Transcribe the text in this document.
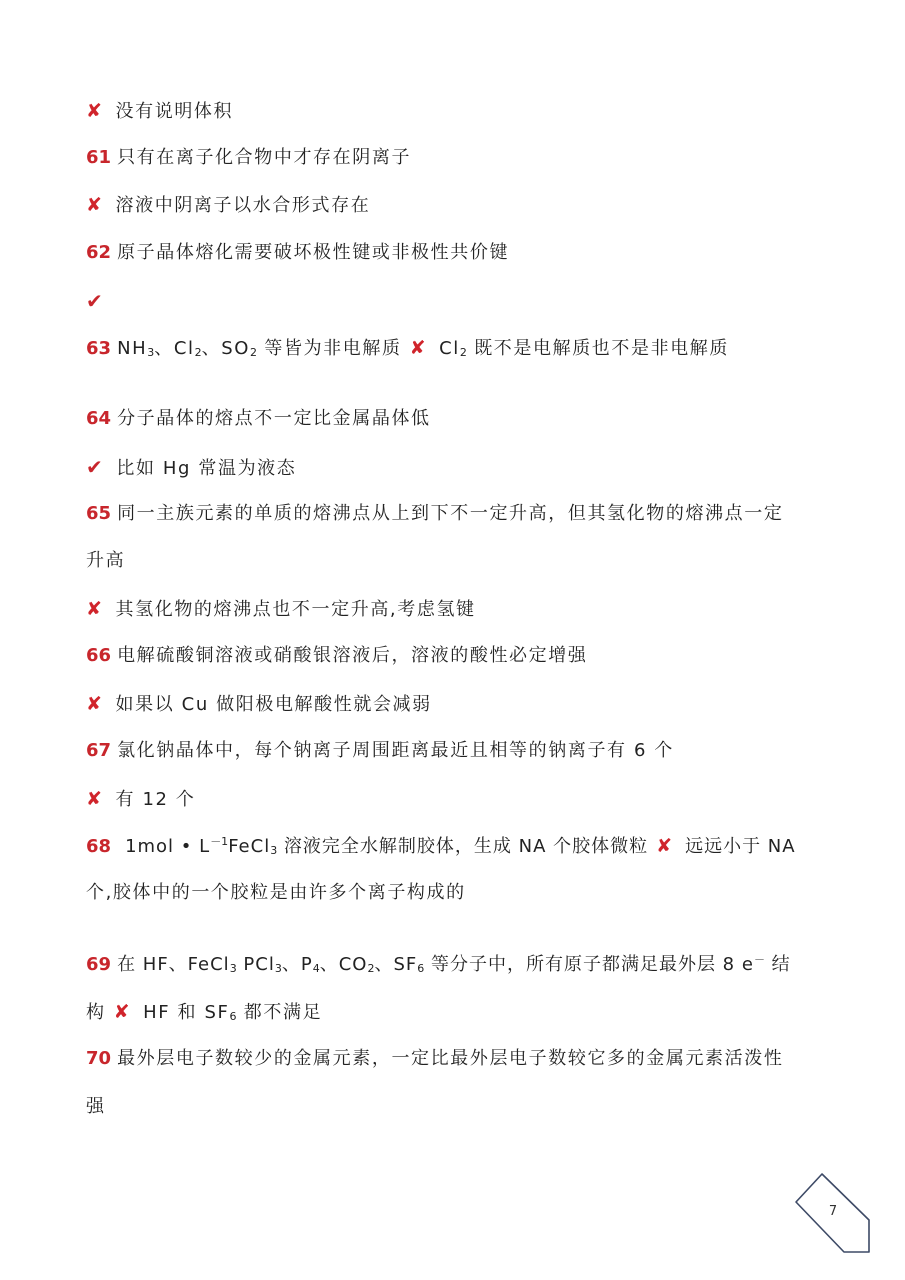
✘ 没有说明体积
61 只有在离子化合物中才存在阴离子
✘ 溶液中阴离子以水合形式存在
62 原子晶体熔化需要破坏极性键或非极性共价键
✔
63 $NH_3$、$Cl_2$、$SO_2$ 等皆为非电解质 ✘ $Cl_2$ 既不是电解质也不是非电解质
64 分子晶体的熔点不一定比金属晶体低
✔ 比如 Hg 常温为液态
65 同一主族元素的单质的熔沸点从上到下不一定升高，但其氢化物的熔沸点一定
升高
✘ 其氢化物的熔沸点也不一定升高,考虑氢键
66 电解硫酸铜溶液或硝酸银溶液后，溶液的酸性必定增强
✘ 如果以 Cu 做阳极电解酸性就会减弱
67 氯化钠晶体中，每个钠离子周围距离最近且相等的钠离子有 6 个
✘ 有 12 个
68 1mol • $L^{-1}FeCl_3$ 溶液完全水解制胶体，生成 NA 个胶体微粒 ✘ 远远小于 NA
个,胶体中的一个胶粒是由许多个离子构成的
69 在 HF、FeCl$_3$ PCl$_3$、$P_4$、$CO_2$、$SF_6$ 等分子中，所有原子都满足最外层 8 e－ 结
构 ✘ HF 和 $SF_6$ 都不满足
70 最外层电子数较少的金属元素，一定比最外层电子数较它多的金属元素活泼性
强
7
